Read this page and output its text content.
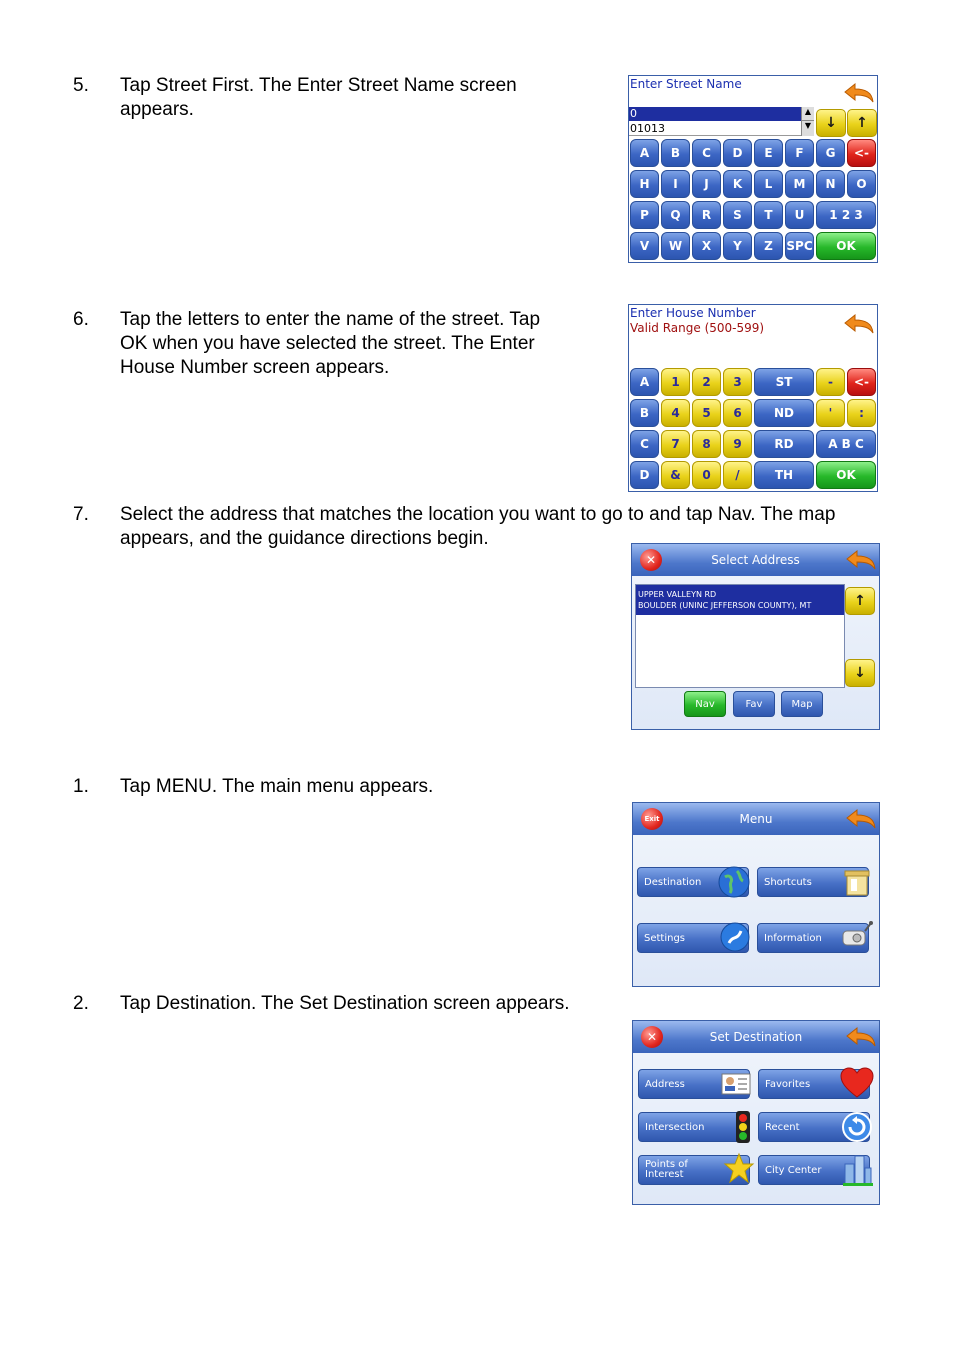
5. Tap Street First. The Enter Street Name screen
appears.
6. Tap the letters to enter the name of the street. Tap
OK when you have selected the street. The Enter
House Number screen appears.
7. Select the address that matches the location you want to go to and tap Nav. The map
appears, and the guidance directions begin.
1. Tap MENU. The main menu appears.
2. Tap Destination. The Set Destination screen appears.
Enter Street Name
0
01013
▲
▼	↓	↑
A	B	C	D	E	F	G	<-
H	I	J	K	L	M	N	O
P	Q	R	S	T	U	1 2 3
V	W	X	Y	Z	SPC	OK
Enter House Number
Valid Range (500-599)
A	1	2	3	ST	-	<-
B	4	5	6	ND	'	:
C	7	8	9	RD	A B C
D	&	0	/	TH	OK
Select Address
✕
UPPER VALLEYN RD
BOULDER (UNINC JEFFERSON COUNTY), MT	↑
↓
Nav	Fav	Map
Menu
Exit
Destination	Shortcuts
Settings	Information
Set Destination
✕
Address	Favorites
Intersection	Recent
Points of
Interest	City Center
